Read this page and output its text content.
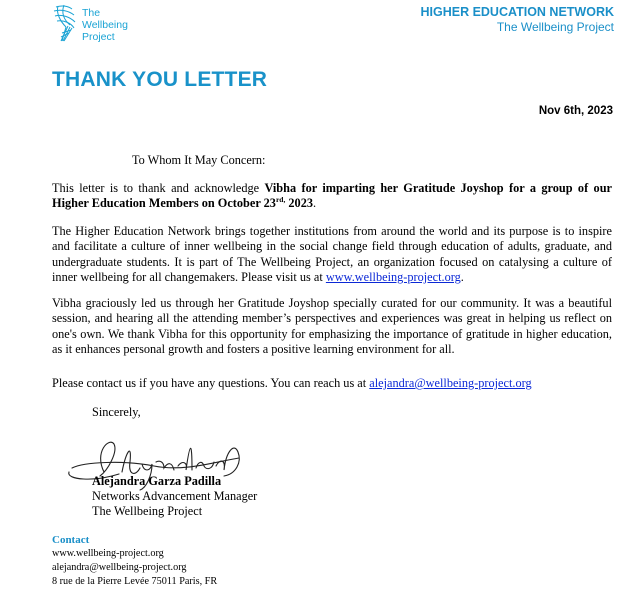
The
Wellbeing
Project
HIGHER EDUCATION NETWORK
The Wellbeing Project
THANK YOU LETTER
Nov 6th, 2023
To Whom It May Concern:
This letter is to thank and acknowledge Vibha for imparting her Gratitude Joyshop for a group of our Higher Education Members on October $23^{rd,}$ 2023.
The Higher Education Network brings together institutions from around the world and its purpose is to inspire and facilitate a culture of inner wellbeing in the social change field through education of adults, graduate, and undergraduate students. It is part of The Wellbeing Project, an organization focused on catalysing a culture of inner wellbeing for all changemakers. Please visit us at www.wellbeing-project.org.
Vibha graciously led us through her Gratitude Joyshop specially curated for our community. It was a beautiful session, and hearing all the attending member’s perspectives and experiences was great in helping us reflect on one's own. We thank Vibha for this opportunity for emphasizing the importance of gratitude in higher education, as it enhances personal growth and fosters a positive learning environment for all.
Please contact us if you have any questions. You can reach us at alejandra@wellbeing-project.org
Sincerely,
Alejandra Garza Padilla
Networks Advancement Manager
The Wellbeing Project
Contact
www.wellbeing-project.org
alejandra@wellbeing-project.org
8 rue de la Pierre Levée 75011 Paris, FR
